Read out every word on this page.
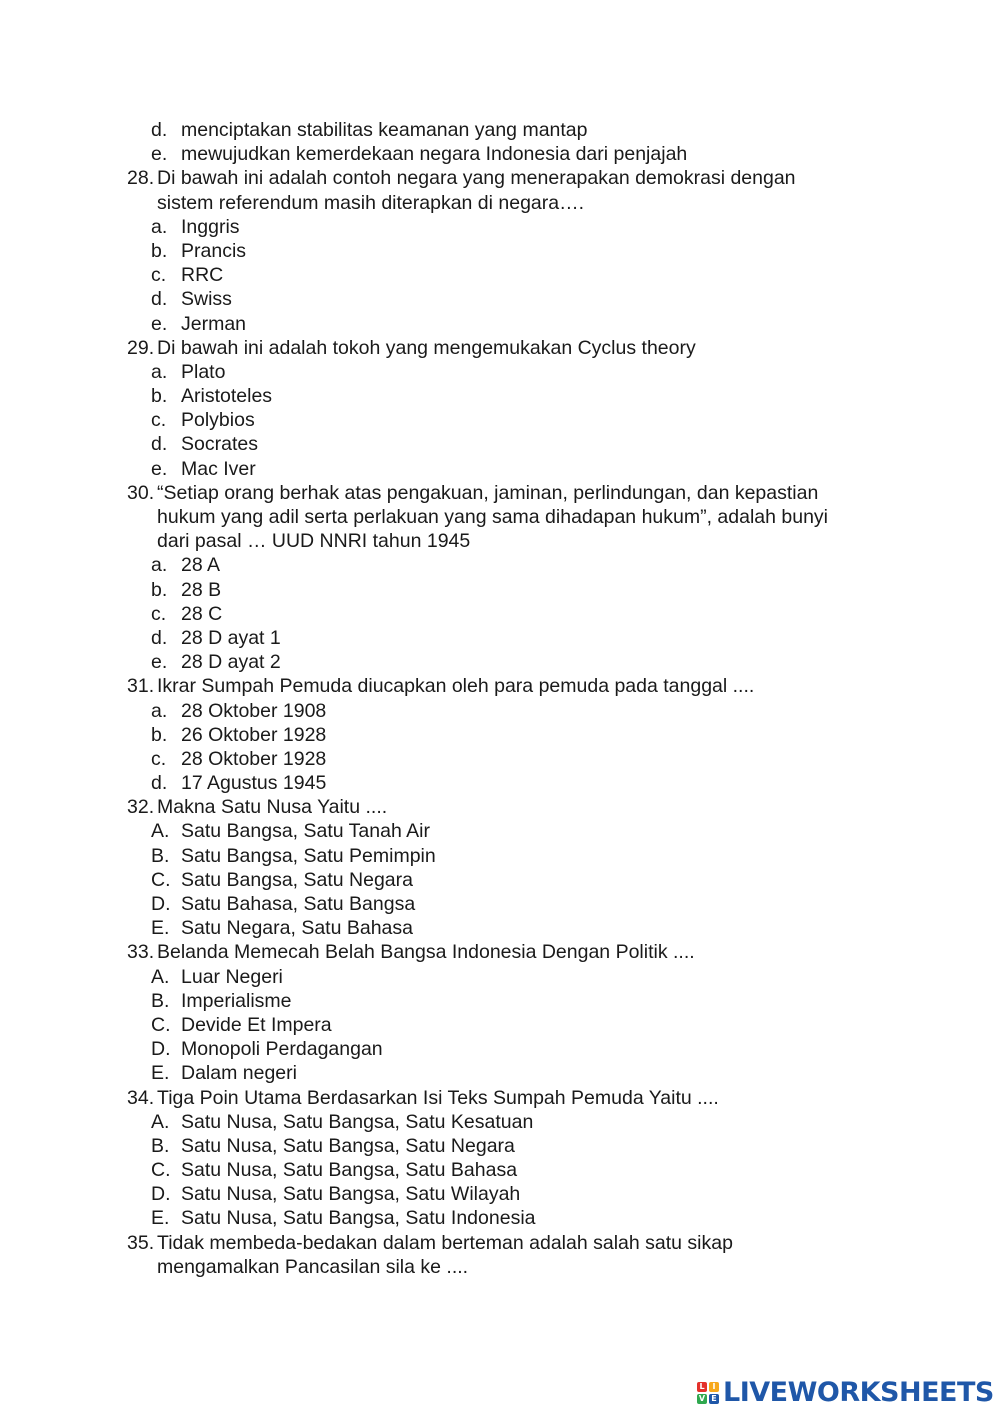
d. menciptakan stabilitas keamanan yang mantap
e. mewujudkan kemerdekaan negara Indonesia dari penjajah
28. Di bawah ini adalah contoh negara yang menerapakan demokrasi dengan
sistem referendum masih diterapkan di negara….
a. Inggris
b. Prancis
c. RRC
d. Swiss
e. Jerman
29. Di bawah ini adalah tokoh yang mengemukakan Cyclus theory
a. Plato
b. Aristoteles
c. Polybios
d. Socrates
e. Mac Iver
30. “Setiap orang berhak atas pengakuan, jaminan, perlindungan, dan kepastian
hukum yang adil serta perlakuan yang sama dihadapan hukum”, adalah bunyi
dari pasal … UUD NNRI tahun 1945
a. 28 A
b. 28 B
c. 28 C
d. 28 D ayat 1
e. 28 D ayat 2
31. Ikrar Sumpah Pemuda diucapkan oleh para pemuda pada tanggal ....
a. 28 Oktober 1908
b. 26 Oktober 1928
c. 28 Oktober 1928
d. 17 Agustus 1945
32. Makna Satu Nusa Yaitu ....
A. Satu Bangsa, Satu Tanah Air
B. Satu Bangsa, Satu Pemimpin
C. Satu Bangsa, Satu Negara
D. Satu Bahasa, Satu Bangsa
E. Satu Negara, Satu Bahasa
33. Belanda Memecah Belah Bangsa Indonesia Dengan Politik ....
A. Luar Negeri
B. Imperialisme
C. Devide Et Impera
D. Monopoli Perdagangan
E. Dalam negeri
34. Tiga Poin Utama Berdasarkan Isi Teks Sumpah Pemuda Yaitu ....
A. Satu Nusa, Satu Bangsa, Satu Kesatuan
B. Satu Nusa, Satu Bangsa, Satu Negara
C. Satu Nusa, Satu Bangsa, Satu Bahasa
D. Satu Nusa, Satu Bangsa, Satu Wilayah
E. Satu Nusa, Satu Bangsa, Satu Indonesia
35. Tidak membeda-bedakan dalam berteman adalah salah satu sikap
mengamalkan Pancasilan sila ke ....
L I
V E LIVEWORKSHEETS
